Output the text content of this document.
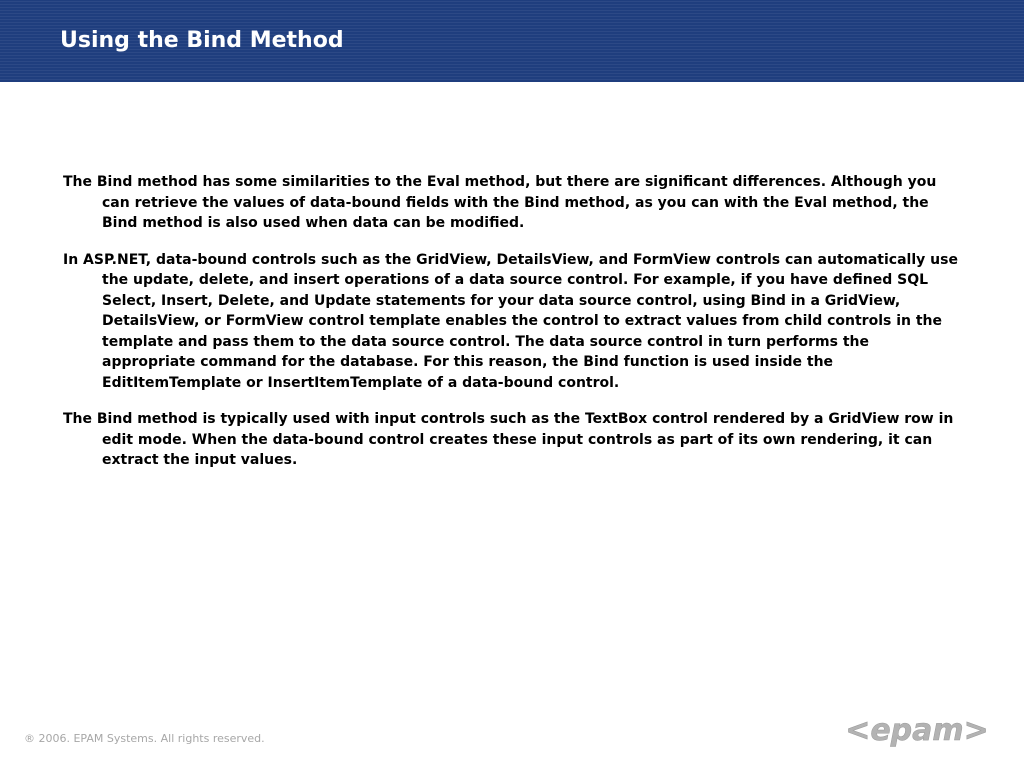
Using the Bind Method

The Bind method has some similarities to the Eval method, but there are significant differences. Although you can retrieve the values of data-bound fields with the Bind method, as you can with the Eval method, the Bind method is also used when data can be modified.

In ASP.NET, data-bound controls such as the GridView, DetailsView, and FormView controls can automatically use the update, delete, and insert operations of a data source control. For example, if you have defined SQL Select, Insert, Delete, and Update statements for your data source control, using Bind in a GridView, DetailsView, or FormView control template enables the control to extract values from child controls in the template and pass them to the data source control. The data source control in turn performs the appropriate command for the database. For this reason, the Bind function is used inside the EditItemTemplate or InsertItemTemplate of a data-bound control.

The Bind method is typically used with input controls such as the TextBox control rendered by a GridView row in edit mode. When the data-bound control creates these input controls as part of its own rendering, it can extract the input values.

® 2006. EPAM Systems. All rights reserved.	<epam>
